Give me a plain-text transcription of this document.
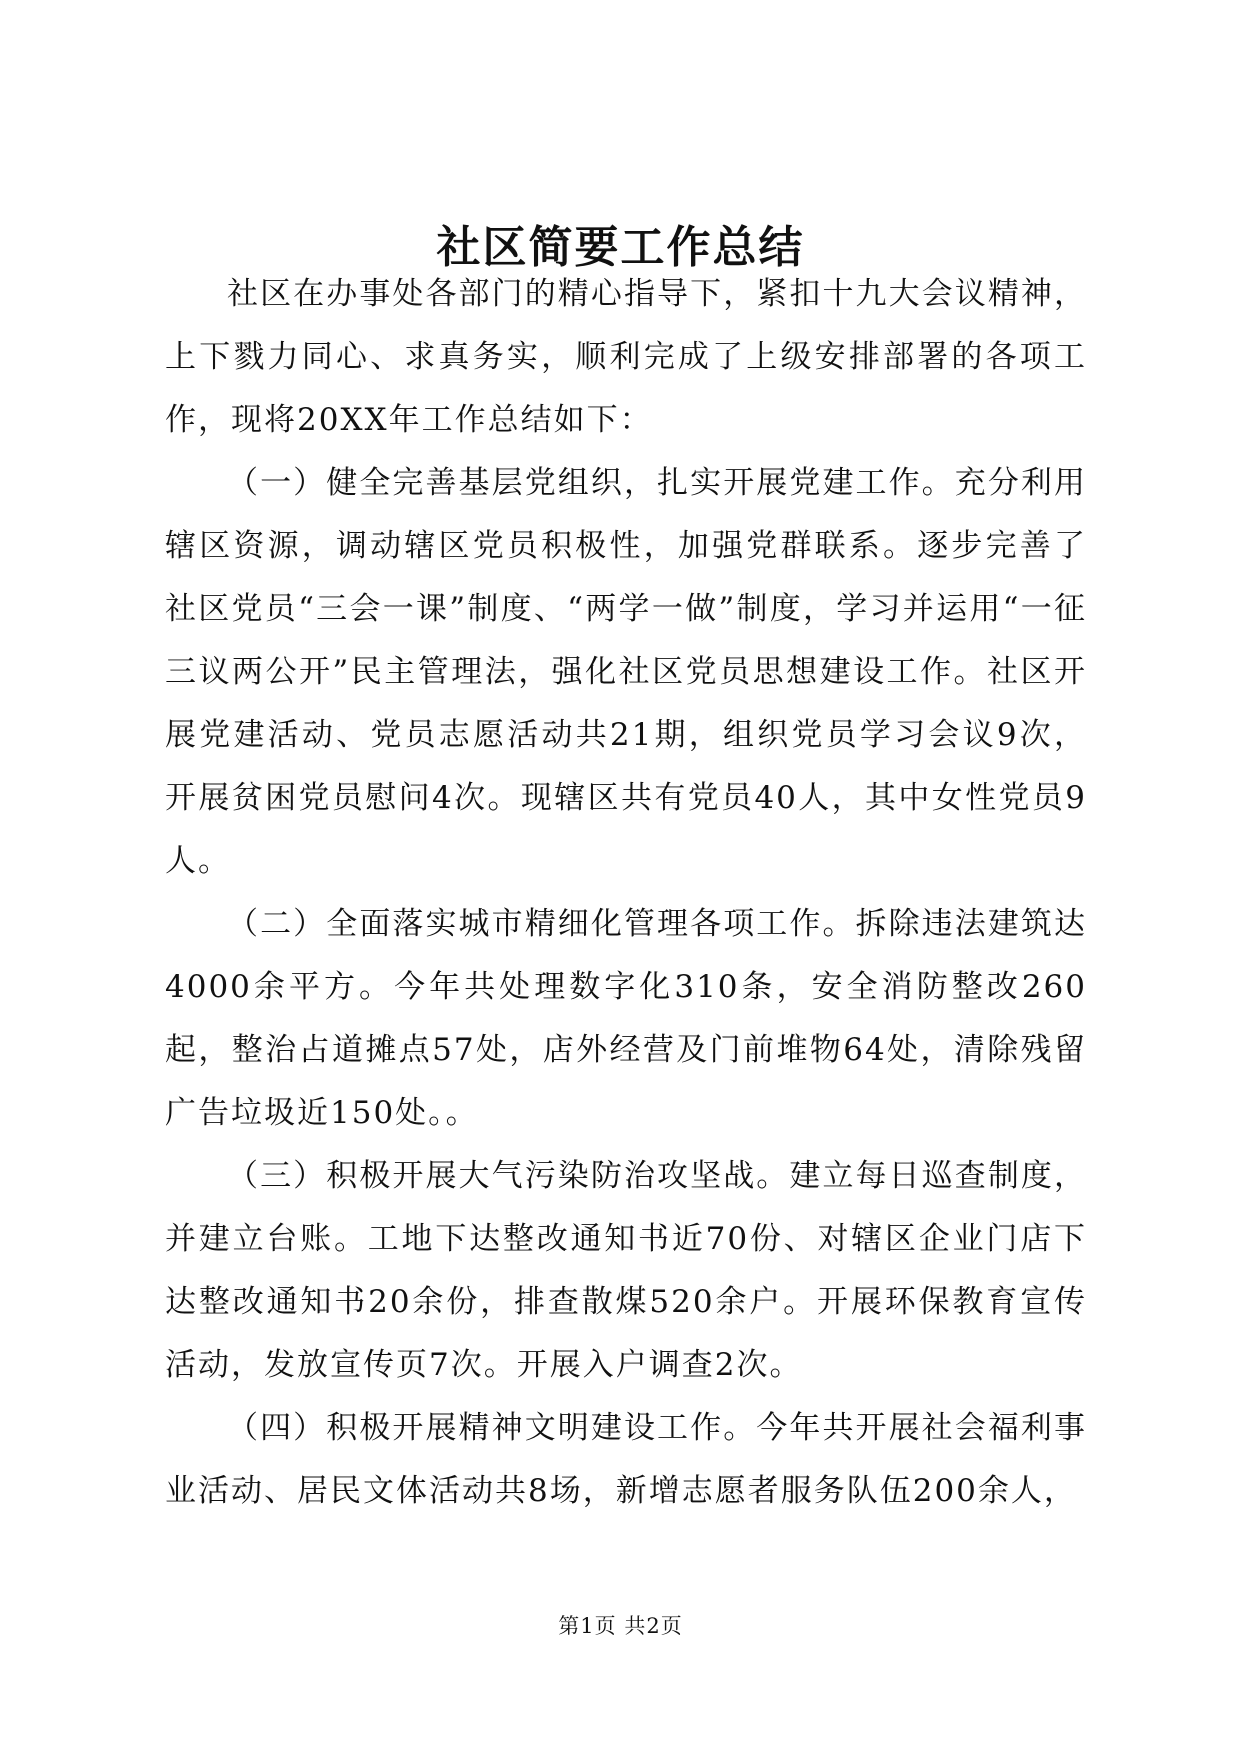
社区简要工作总结

社区在办事处各部门的精心指导下，紧扣十九大会议精神，上下戮力同心、求真务实，顺利完成了上级安排部署的各项工作，现将20XX年工作总结如下：

（一）健全完善基层党组织，扎实开展党建工作。充分利用辖区资源，调动辖区党员积极性，加强党群联系。逐步完善了社区党员“三会一课”制度、“两学一做”制度，学习并运用“一征三议两公开”民主管理法，强化社区党员思想建设工作。社区开展党建活动、党员志愿活动共21期，组织党员学习会议9次，开展贫困党员慰问4次。现辖区共有党员40人，其中女性党员9人。

（二）全面落实城市精细化管理各项工作。拆除违法建筑达4000余平方。今年共处理数字化310条，安全消防整改260起，整治占道摊点57处，店外经营及门前堆物64处，清除残留广告垃圾近150处。。

（三）积极开展大气污染防治攻坚战。建立每日巡查制度，并建立台账。工地下达整改通知书近70份、对辖区企业门店下达整改通知书20余份，排查散煤520余户。开展环保教育宣传活动，发放宣传页7次。开展入户调查2次。

（四）积极开展精神文明建设工作。今年共开展社会福利事业活动、居民文体活动共8场，新增志愿者服务队伍200余人，

第1页 共2页
